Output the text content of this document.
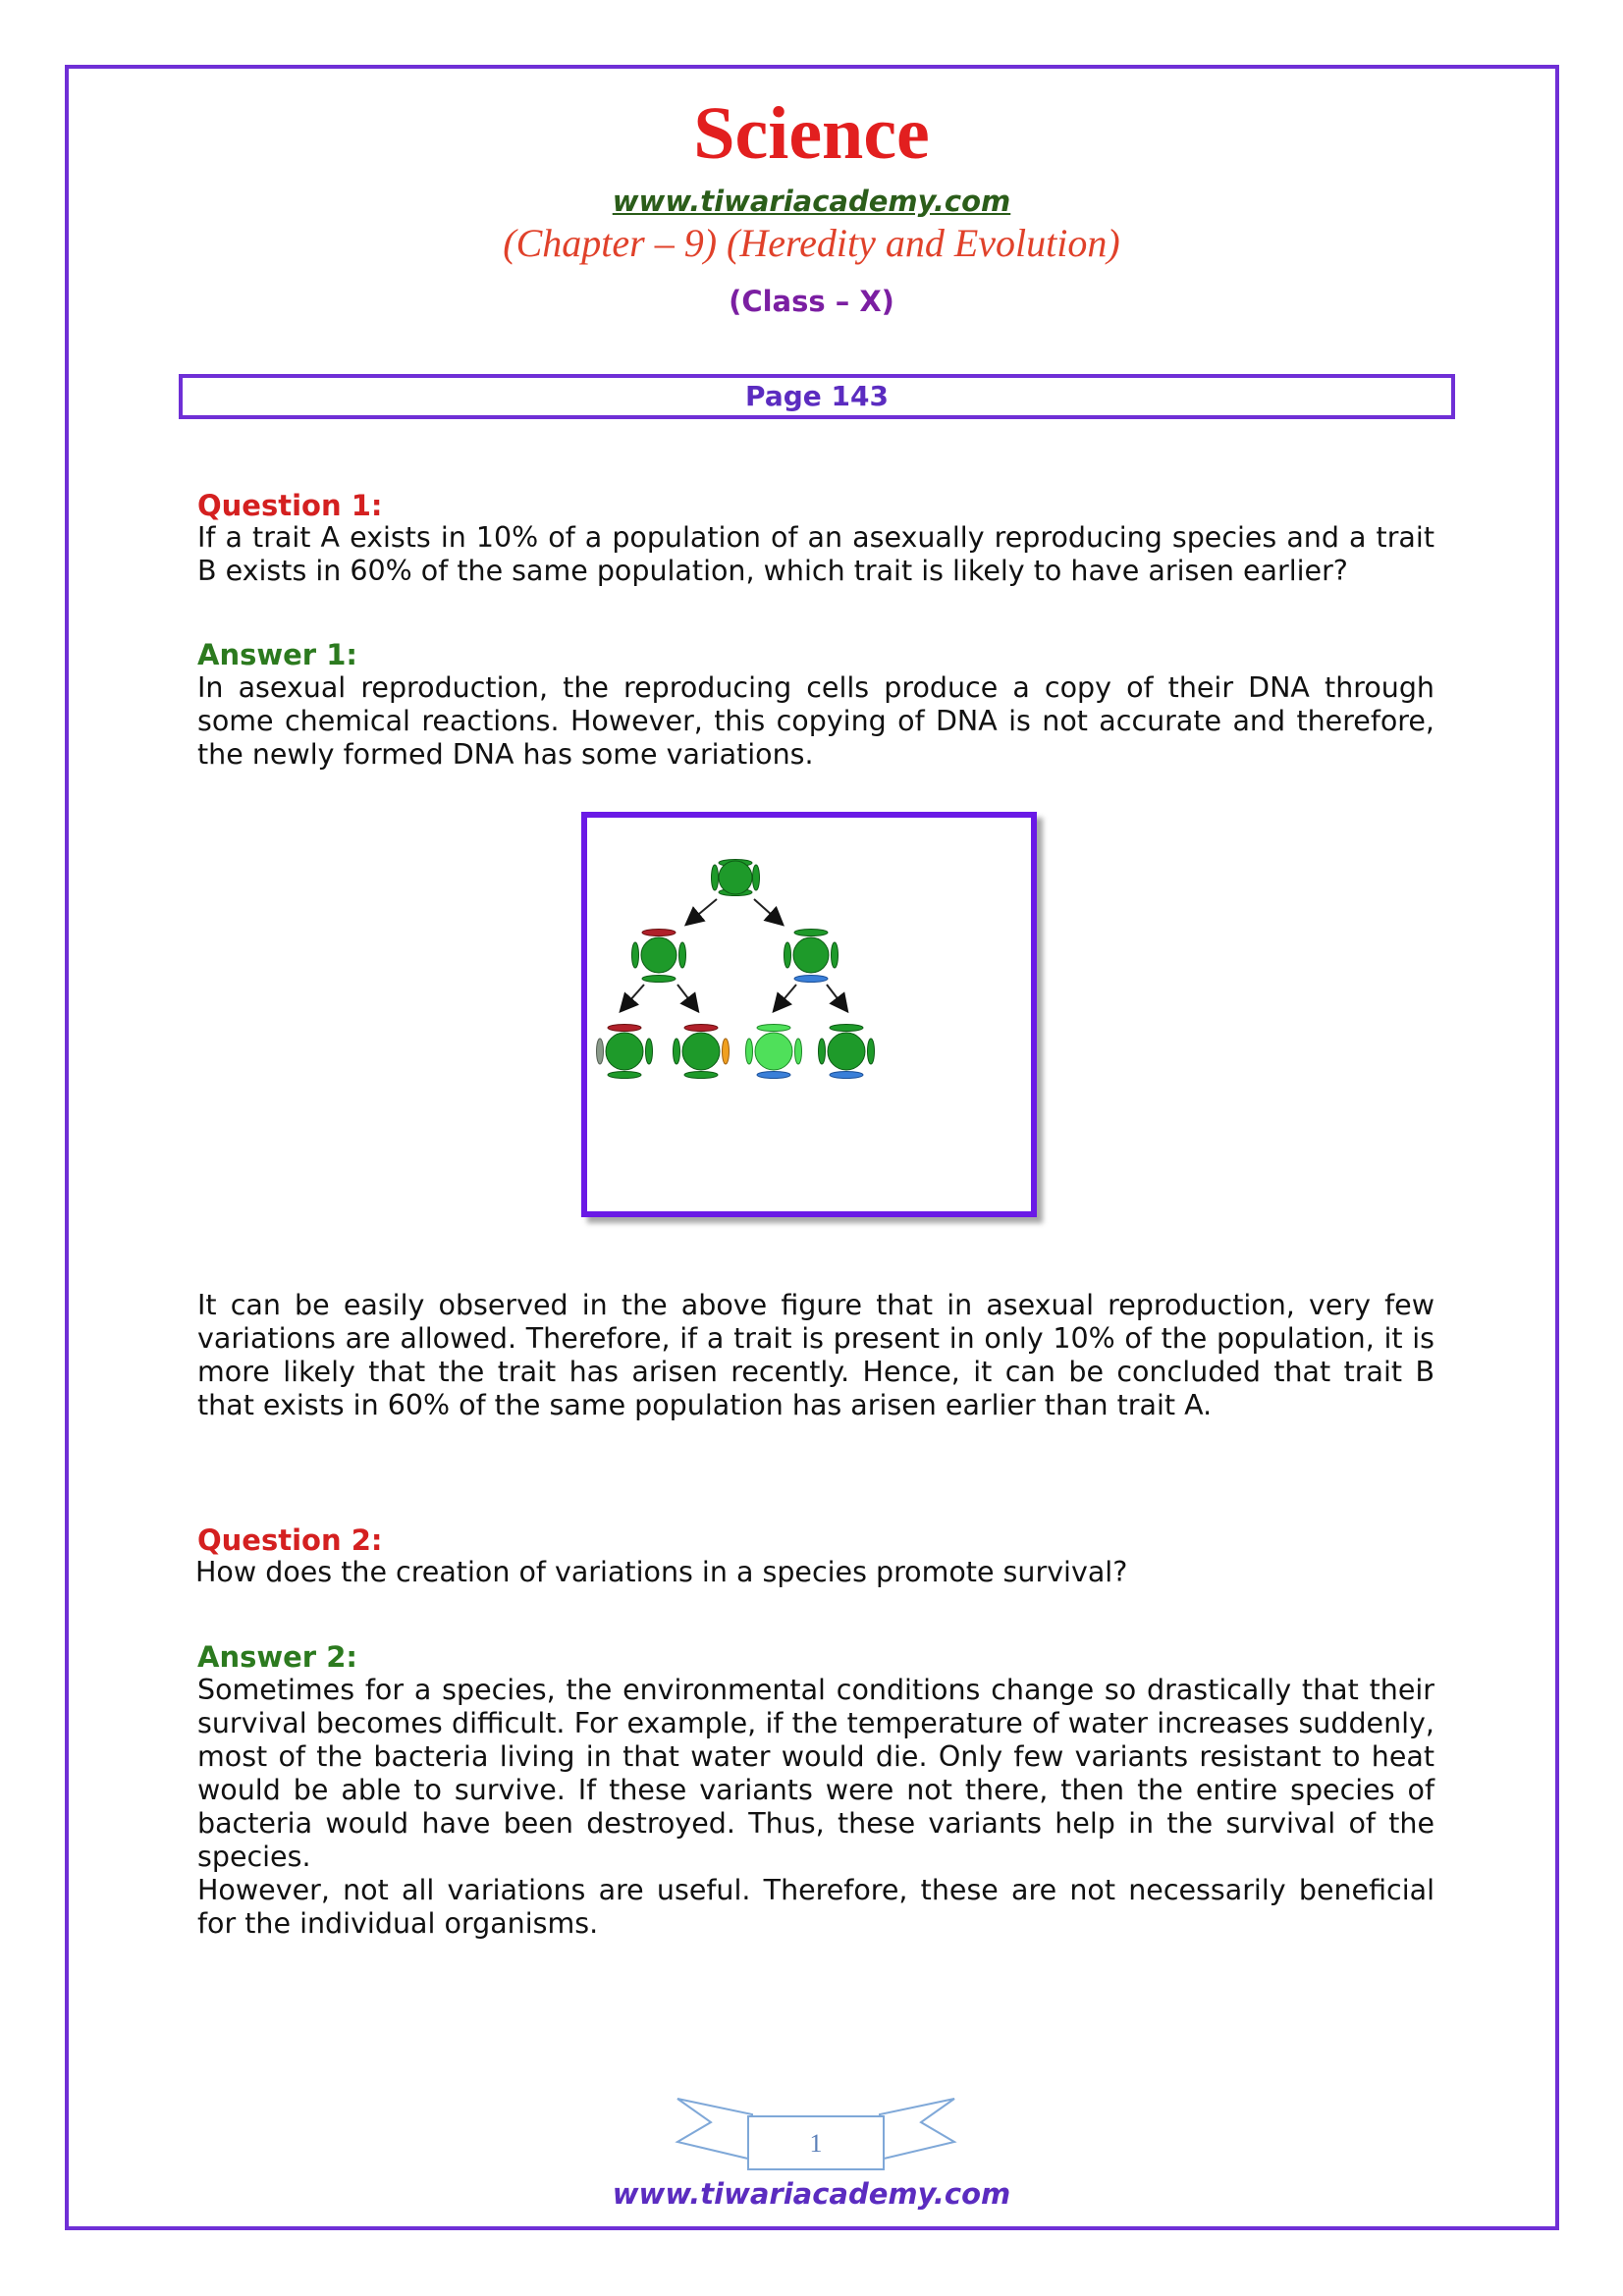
Science
www.tiwariacademy.com
(Chapter – 9) (Heredity and Evolution)
(Class – X)
Page 143
Question 1:

If a trait A exists in 10% of a population of an asexually reproducing species and a trait B exists in 60% of the same population, which trait is likely to have arisen earlier?

Answer 1:

In asexual reproduction, the reproducing cells produce a copy of their DNA through some chemical reactions. However, this copying of DNA is not accurate and therefore, the newly formed DNA has some variations.

It can be easily observed in the above figure that in asexual reproduction, very few variations are allowed. Therefore, if a trait is present in only 10% of the population, it is more likely that the trait has arisen recently. Hence, it can be concluded that trait B that exists in 60% of the same population has arisen earlier than trait A.

Question 2:

How does the creation of variations in a species promote survival?

Answer 2:

Sometimes for a species, the environmental conditions change so drastically that their survival becomes difficult. For example, if the temperature of water increases suddenly, most of the bacteria living in that water would die. Only few variants resistant to heat would be able to survive. If these variants were not there, then the entire species of bacteria would have been destroyed. Thus, these variants help in the survival of the species.

However, not all variations are useful. Therefore, these are not necessarily beneficial for the individual organisms.

1
www.tiwariacademy.com
